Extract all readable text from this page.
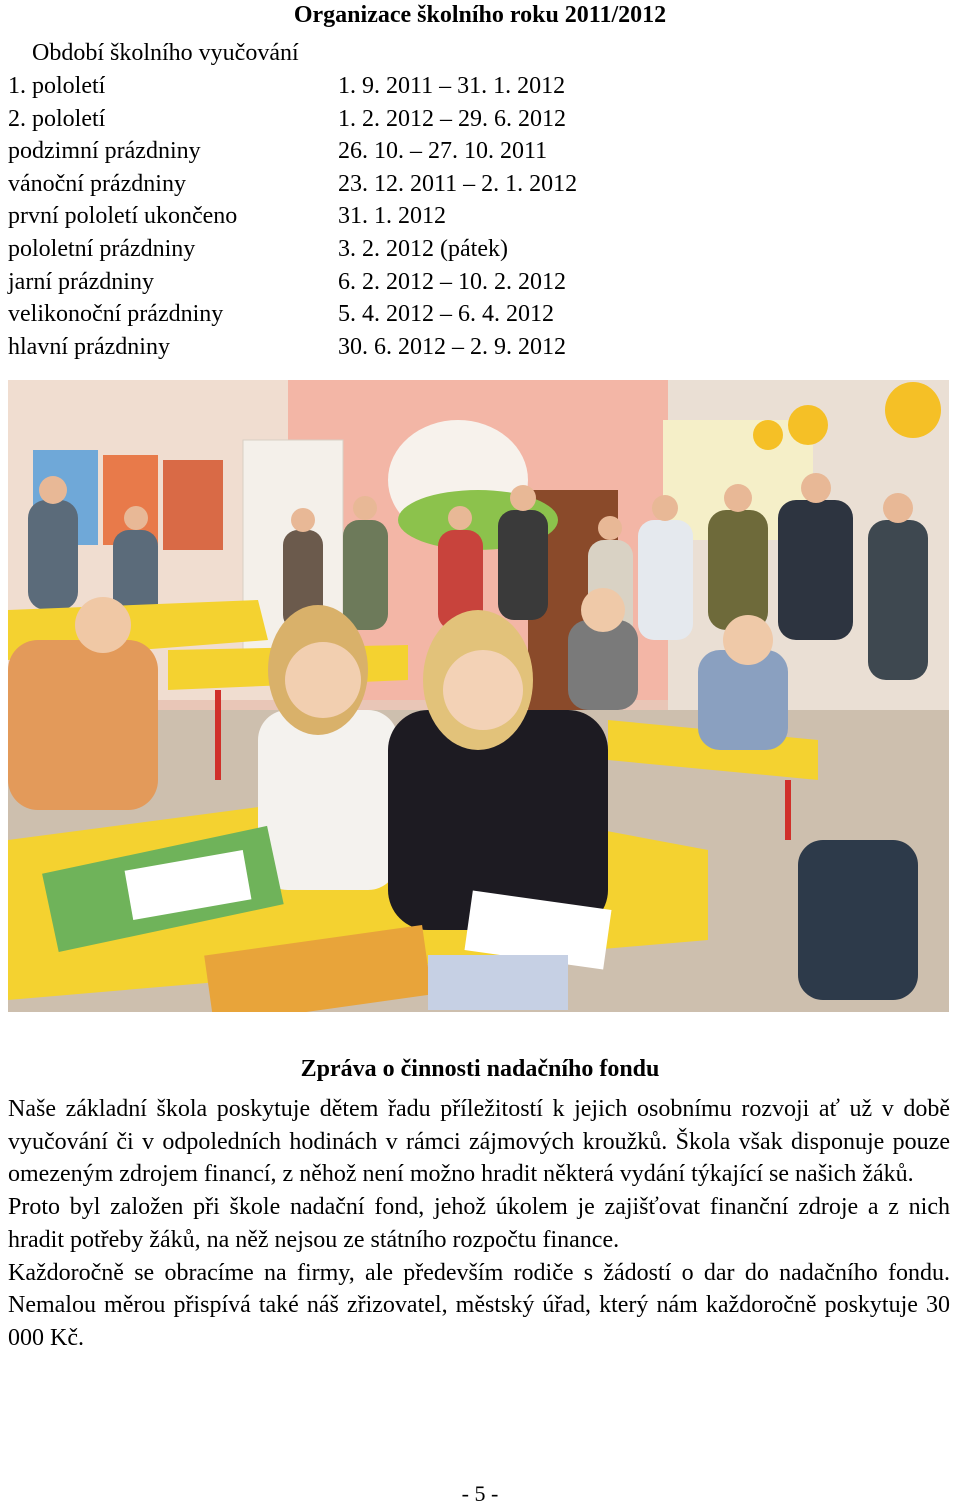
Organizace školního roku 2011/2012
Období školního vyučování
1. pololetí	1. 9. 2011 – 31. 1. 2012
2. pololetí	1. 2. 2012 – 29. 6. 2012
podzimní prázdniny	26. 10. – 27. 10. 2011
vánoční prázdniny	23. 12. 2011 – 2. 1. 2012
první pololetí ukončeno	31. 1. 2012
pololetní prázdniny	3. 2. 2012 (pátek)
jarní prázdniny	6. 2. 2012 – 10. 2. 2012
velikonoční prázdniny	5. 4. 2012 – 6. 4. 2012
hlavní prázdniny	30. 6. 2012 – 2. 9. 2012
Zpráva o činnosti nadačního fondu

Naše základní škola poskytuje dětem řadu příležitostí k jejich osobnímu rozvoji ať už v době vyučování či v odpoledních hodinách v rámci zájmových kroužků. Škola však disponuje pouze omezeným zdrojem financí, z něhož není možno hradit některá vydání týkající se našich žáků.

Proto byl založen při škole nadační fond, jehož úkolem je zajišťovat finanční zdroje a z nich hradit potřeby žáků, na něž nejsou ze státního rozpočtu finance.

Každoročně se obracíme na firmy, ale především rodiče s žádostí o dar do nadačního fondu. Nemalou měrou přispívá také náš zřizovatel, městský úřad, který nám každoročně poskytuje 30 000 Kč.

- 5 -
